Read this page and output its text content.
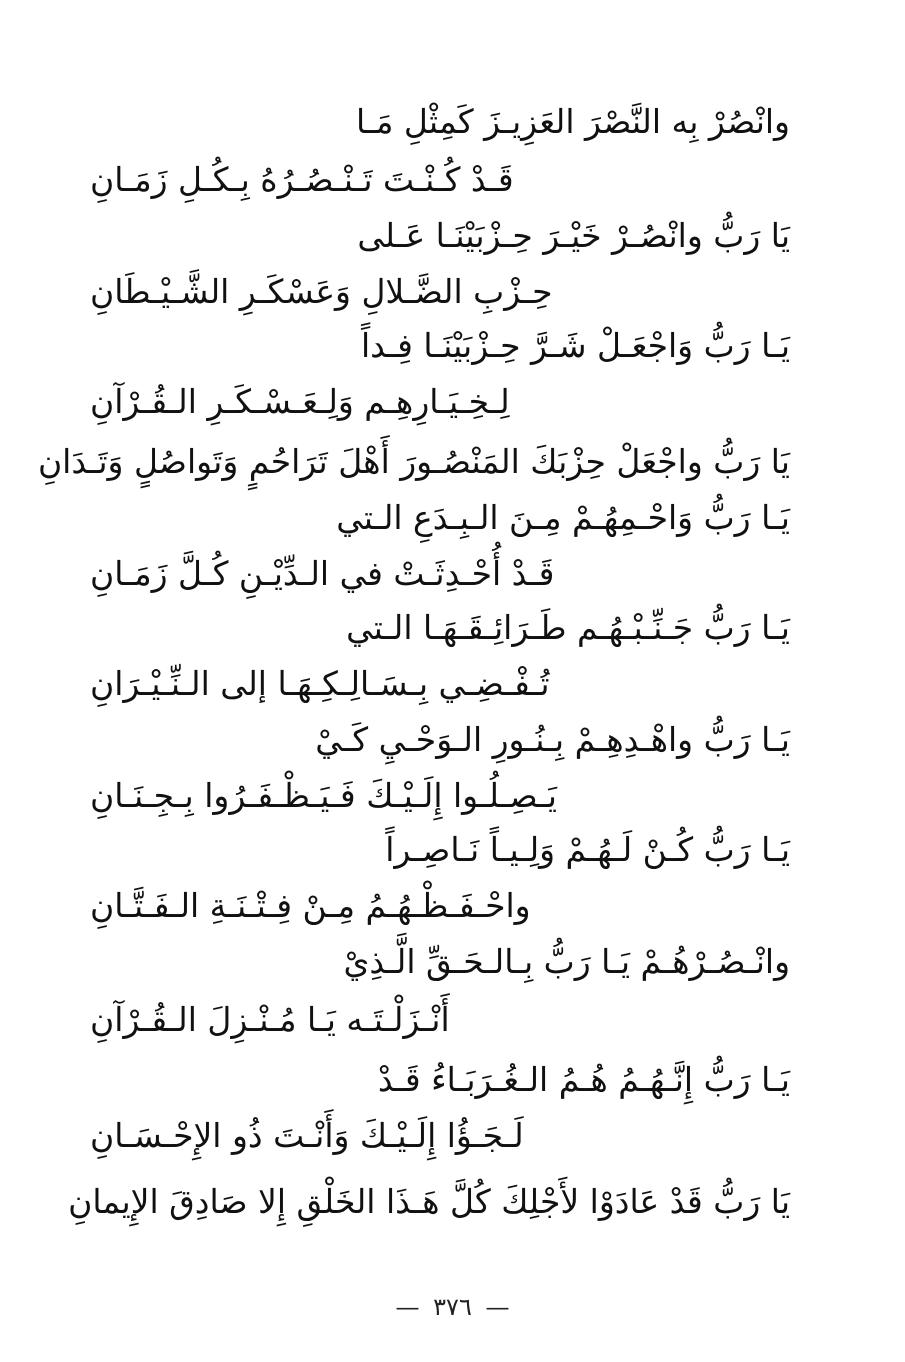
وانْصُرْ بِه النَّصْرَ العَزِيـزَ كَمِثْلِ مَـا
قَـدْ كُـنْـتَ تَـنْـصُـرُهُ بِـكُـلِ زَمَـانِ
يَا رَبُّ وانْصُـرْ خَيْـرَ حِـزْبَيْنَـا عَـلى
حِـزْبِ الضَّـلالِ وَعَسْكَـرِ الشَّـيْـطَانِ
يَـا رَبُّ وَاجْعَـلْ شَـرَّ حِـزْبَيْنَـا فِـداً
لِـخِـيَـارِهِـم وَلِـعَـسْـكَـرِ الـقُـرْآنِ
يَا رَبُّ واجْعَلْ حِزْبَكَ المَنْصُـورَ أَهْلَ تَرَاحُمٍ وَتَواصُلٍ وَتَـدَانِ
يَـا رَبُّ وَاحْـمِهُـمْ مِـنَ الـبِـدَعِ الـتي
قَـدْ أُحْـدِثَـتْ في الـدِّيْـنِ كُـلَّ زَمَـانِ
يَـا رَبُّ جَـنِّـبْـهُـم طَـرَائِـقَـهَـا الـتي
تُـفْـضِـي بِـسَـالِـكِـهَـا إلى الـنِّـيْـرَانِ
يَـا رَبُّ واهْـدِهِـمْ بِـنُـورِ الـوَحْـيِ كَـيْ
يَـصِـلُـوا إِلَـيْـكَ فَـيَـظْـفَـرُوا بِـجِـنَـانِ
يَـا رَبُّ كُـنْ لَـهُـمْ وَلِـيـاً نَـاصِـراً
واحْـفَـظْـهُـمُ مِـنْ فِـتْـنَـةِ الـفَـتَّـانِ
وانْـصُـرْهُـمْ يَـا رَبُّ بِـالـحَـقِّ الَّـذِيْ
أَنْـزَلْـتَـه يَـا مُـنْـزِلَ الـقُـرْآنِ
يَـا رَبُّ إِنَّـهُـمُ هُـمُ الـغُـرَبَـاءُ قَـدْ
لَـجَـؤُا إِلَـيْـكَ وَأَنْـتَ ذُو الإِحْـسَـانِ
يَا رَبُّ قَدْ عَادَوْا لأَجْلِكَ كُلَّ هَـذَا الخَلْقِ إِلا صَادِقَ الإِيمانِ
— ٣٧٦ —
